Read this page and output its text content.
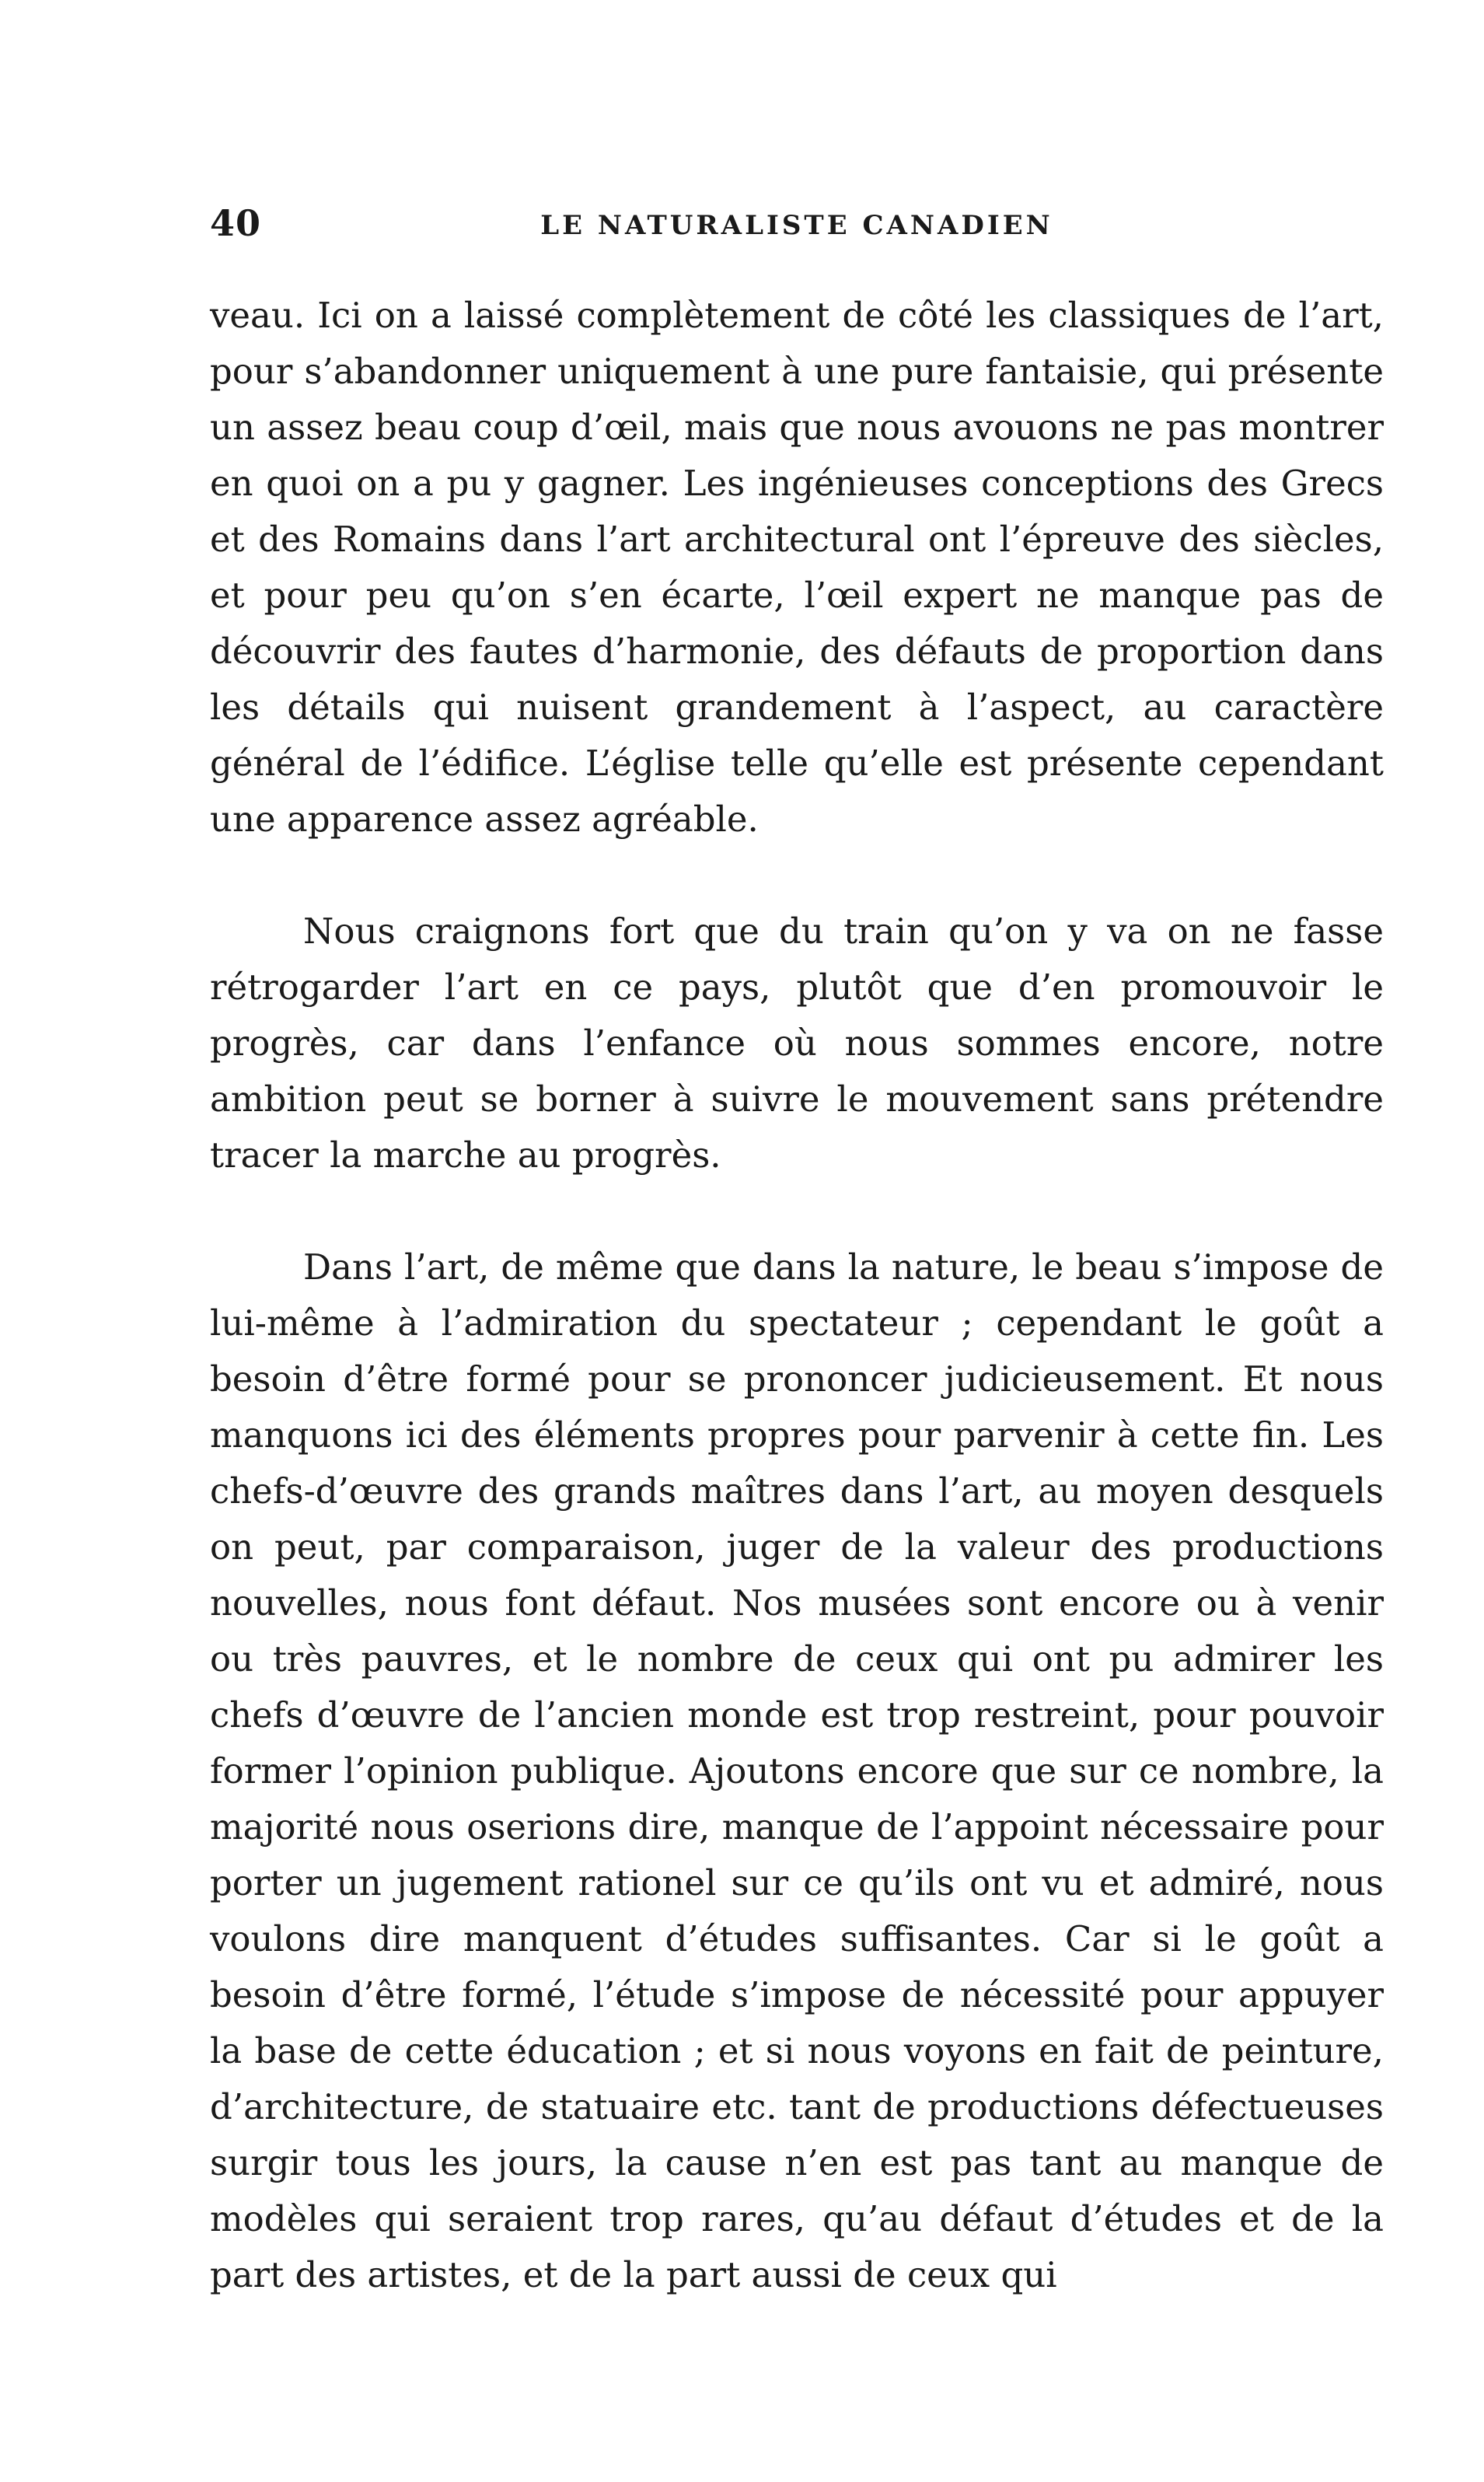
40	LE NATURALISTE CANADIEN

veau. Ici on a laissé complètement de côté les classiques de l’art, pour s’abandonner uniquement à une pure fantaisie, qui présente un assez beau coup d’œil, mais que nous avouons ne pas montrer en quoi on a pu y gagner. Les ingénieuses conceptions des Grecs et des Romains dans l’art architectural ont l’épreuve des siècles, et pour peu qu’on s’en écarte, l’œil expert ne manque pas de découvrir des fautes d’harmonie, des défauts de proportion dans les détails qui nuisent grandement à l’aspect, au caractère général de l’édifice. L’église telle qu’elle est présente cependant une apparence assez agréable.

Nous craignons fort que du train qu’on y va on ne fasse rétrogarder l’art en ce pays, plutôt que d’en promouvoir le progrès, car dans l’enfance où nous sommes encore, notre ambition peut se borner à suivre le mouvement sans prétendre tracer la marche au progrès.

Dans l’art, de même que dans la nature, le beau s’impose de lui-même à l’admiration du spectateur ; cependant le goût a besoin d’être formé pour se prononcer judicieusement. Et nous manquons ici des éléments propres pour parvenir à cette fin. Les chefs-d’œuvre des grands maîtres dans l’art, au moyen desquels on peut, par comparaison, juger de la valeur des productions nouvelles, nous font défaut. Nos musées sont encore ou à venir ou très pauvres, et le nombre de ceux qui ont pu admirer les chefs d’œuvre de l’ancien monde est trop restreint, pour pouvoir former l’opinion publique. Ajoutons encore que sur ce nombre, la majorité nous oserions dire, manque de l’appoint nécessaire pour porter un jugement rationel sur ce qu’ils ont vu et admiré, nous voulons dire manquent d’études suffisantes. Car si le goût a besoin d’être formé, l’étude s’impose de nécessité pour appuyer la base de cette éducation ; et si nous voyons en fait de peinture, d’architecture, de statuaire etc. tant de productions défectueuses surgir tous les jours, la cause n’en est pas tant au manque de modèles qui seraient trop rares, qu’au défaut d’études et de la part des artistes, et de la part aussi de ceux qui
